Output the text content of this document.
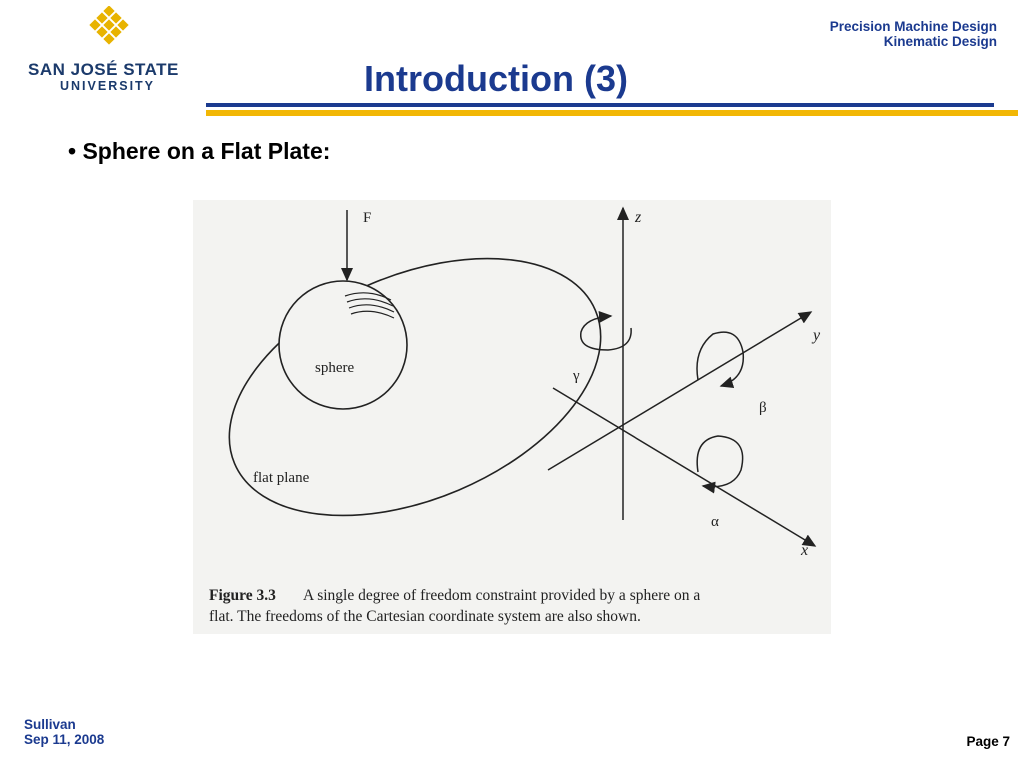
SAN JOSÉ STATE
UNIVERSITY
Precision Machine Design
Kinematic Design
Introduction (3)
• Sphere on a Flat Plate:
F
sphere
flat plane
z
y
x
γ
β
α
Figure 3.3 A single degree of freedom constraint provided by a sphere on a
flat. The freedoms of the Cartesian coordinate system are also shown.
Sullivan
Sep 11, 2008	Page 7
